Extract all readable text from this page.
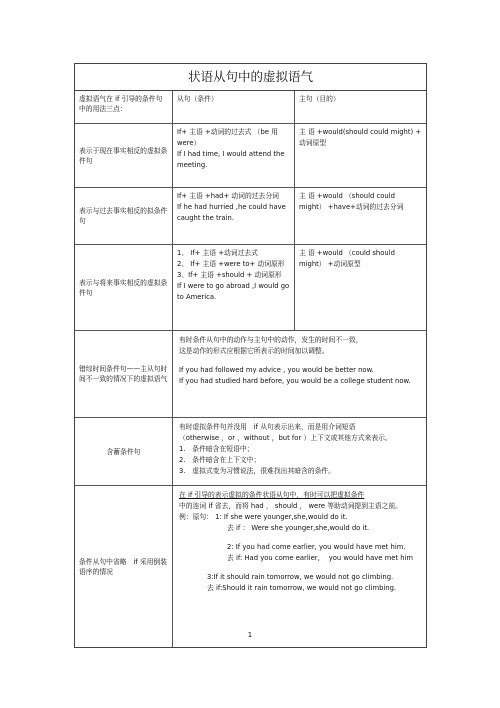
状语从句中的虚拟语气
虚拟语气在 if 引导的条件句中的用法三点：
从句（条件）	主句（目的）
表示于现在事实相反的虚拟条件句

If+ 主语 +动词的过去式 （be 用 were）

If I had time, I would attend the meeting.

主 语 +would(should could might) + 动词原型

表示与过去事实相反的拟条件句

If+ 主语 +had+ 动词的过去分词

If he had hurried ,he could have caught the train.

主 语 +would （should could might） +have+动词的过去分词

表示与将来事实相反的虚拟条件句

1、 If+ 主语 +动词过去式

2、 If+ 主语 +were to+ 动词原形

3、If+ 主语 +should + 动词原形

If I were to go abroad ,I would go to America.

主 语 +would （could should might） +动词原型

错综时间条件句——主从句时间不一致的情况下的虚拟语气

有时条件从句中的动作与主句中的动作，发生的时间不一致，

这是动作的形式应根据它所表示的时间加以调整。

If you had followed my advice , you would be better now.

If you had studied hard before, you would be a college student now.

含蓄条件句

有时虚拟条件句并没用　if 从句表示出来，而是用介词短语

（otherwise ，or ，without ，but for ）上下文或其他方式来表示。

1.　条件暗含在短语中；

2.　条件暗含在上下文中；

3.　虚拟式变为习惯说法，很难找出其暗含的条件。

条件从句中省略　if 采用倒装语序的情况

在 if 引导的表示虚拟的条件状语从句中，有时可以把虚拟条件

中的连词 if 省去，而将 had ， should ， were 等助动词提到主语之前。

例：原句： 1: If she were younger,she,would do it.

去 if ： Were she younger,she,would do it.

2: If you had come earlier, you would have met him.

去 if: Had you come earlier,　 you would have met him

3:If it should rain tomorrow, we would not go climbing.

去 if:Should it rain tomorrow, we would not go climbing.

1
